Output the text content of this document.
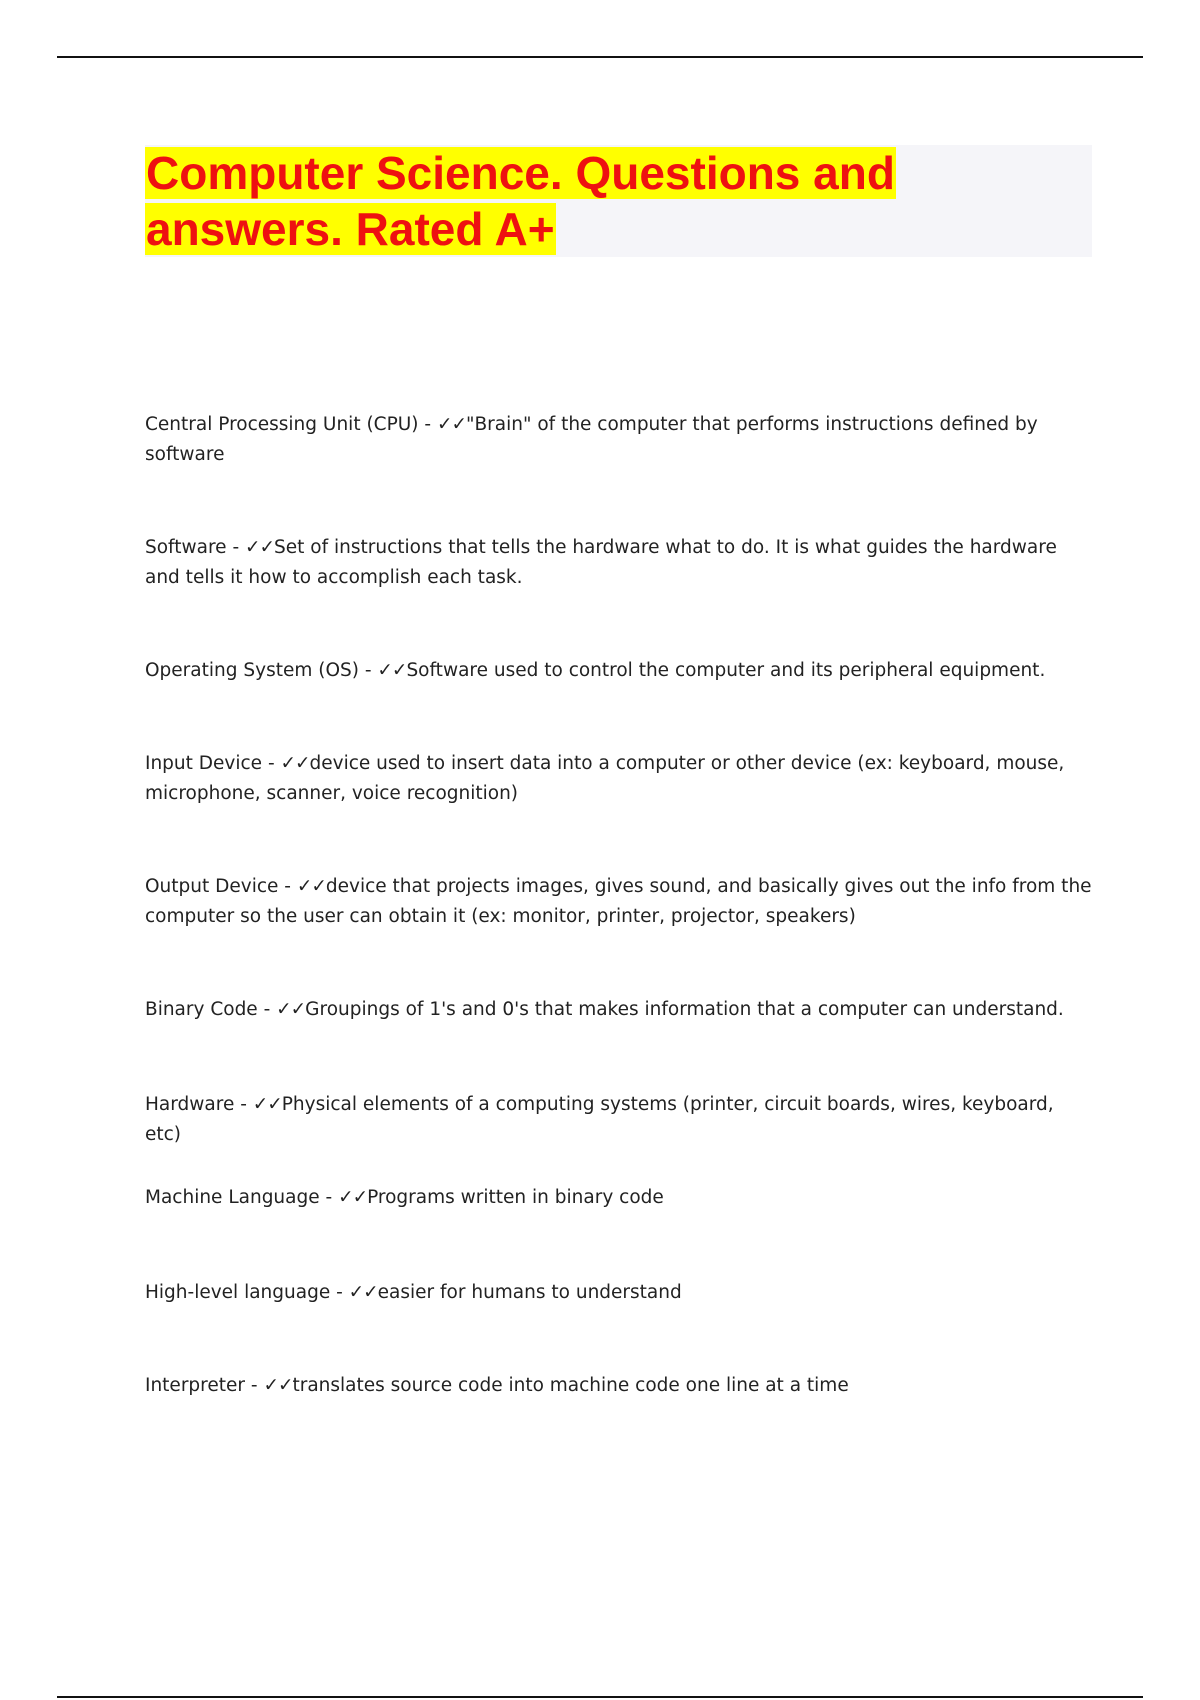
Computer Science. Questions and
answers. Rated A+
Central Processing Unit (CPU) - ✓✓"Brain" of the computer that performs instructions defined by software
Software - ✓✓Set of instructions that tells the hardware what to do. It is what guides the hardware and tells it how to accomplish each task.
Operating System (OS) - ✓✓Software used to control the computer and its peripheral equipment.
Input Device - ✓✓device used to insert data into a computer or other device (ex: keyboard, mouse, microphone, scanner, voice recognition)
Output Device - ✓✓device that projects images, gives sound, and basically gives out the info from the computer so the user can obtain it (ex: monitor, printer, projector, speakers)
Binary Code - ✓✓Groupings of 1's and 0's that makes information that a computer can understand.
Hardware - ✓✓Physical elements of a computing systems (printer, circuit boards, wires, keyboard, etc)
Machine Language - ✓✓Programs written in binary code
High-level language - ✓✓easier for humans to understand
Interpreter - ✓✓translates source code into machine code one line at a time
